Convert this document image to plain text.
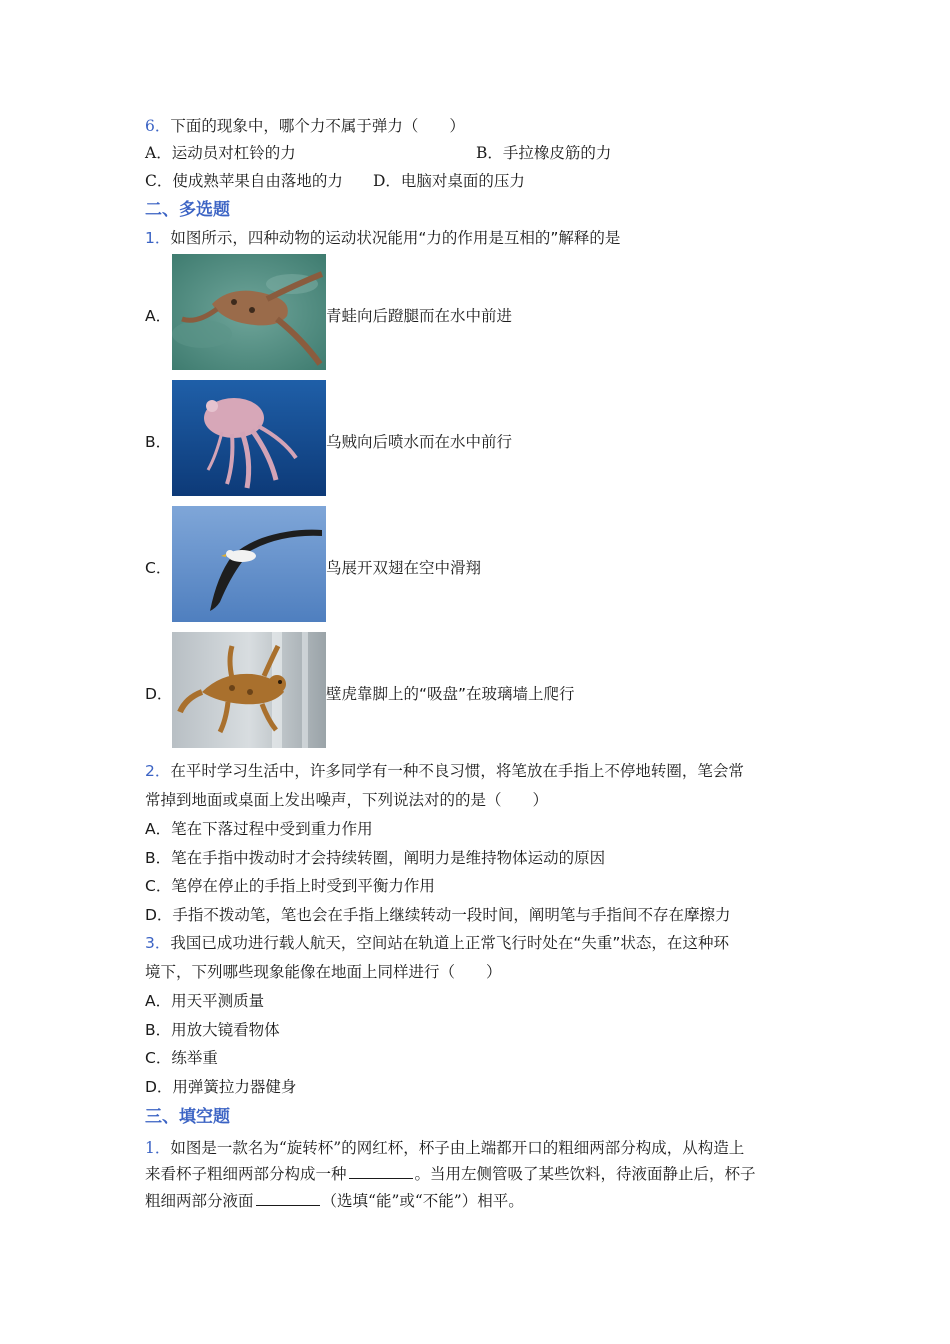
6．下面的现象中，哪个力不属于弹力（　　）
A．运动员对杠铃的力	B．手拉橡皮筋的力
C．使成熟苹果自由落地的力 D．电脑对桌面的压力
二、多选题
1．如图所示，四种动物的运动状况能用“力的作用是互相的”解释的是
A．	青蛙向后蹬腿而在水中前进
B．	乌贼向后喷水而在水中前行
C．	鸟展开双翅在空中滑翔
D．	壁虎靠脚上的“吸盘”在玻璃墙上爬行
2．在平时学习生活中，许多同学有一种不良习惯，将笔放在手指上不停地转圈，笔会常
常掉到地面或桌面上发出噪声，下列说法对的的是（　　）
A．笔在下落过程中受到重力作用
B．笔在手指中拨动时才会持续转圈，阐明力是维持物体运动的原因
C．笔停在停止的手指上时受到平衡力作用
D．手指不拨动笔，笔也会在手指上继续转动一段时间，阐明笔与手指间不存在摩擦力
3．我国已成功进行载人航天，空间站在轨道上正常飞行时处在“失重”状态，在这种环
境下，下列哪些现象能像在地面上同样进行（　　）
A．用天平测质量
B．用放大镜看物体
C．练举重
D．用弹簧拉力器健身
三、填空题
1．如图是一款名为“旋转杯”的网红杯，杯子由上端都开口的粗细两部分构成，从构造上
来看杯子粗细两部分构成一种	。当用左侧管吸了某些饮料，待液面静止后，杯子
粗细两部分液面	（选填“能”或“不能”）相平。
